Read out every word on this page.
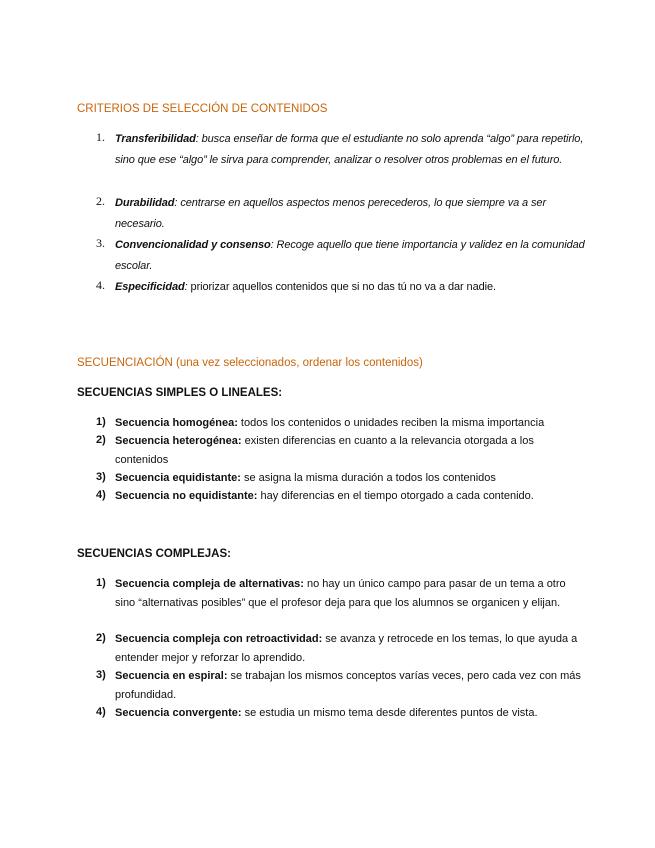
CRITERIOS DE SELECCIÓN DE CONTENIDOS
1. Transferibilidad: busca enseñar de forma que el estudiante no solo aprenda “algo” para repetirlo, sino que ese “algo” le sirva para comprender, analizar o resolver otros problemas en el futuro.
2. Durabilidad: centrarse en aquellos aspectos menos perecederos, lo que siempre va a ser necesario.
3. Convencionalidad y consenso: Recoge aquello que tiene importancia y validez en la comunidad escolar.
4. Especificidad: priorizar aquellos contenidos que si no das tú no va a dar nadie.
SECUENCIACIÓN (una vez seleccionados, ordenar los contenidos)
SECUENCIAS SIMPLES O LINEALES:
1) Secuencia homogénea: todos los contenidos o unidades reciben la misma importancia
2) Secuencia heterogénea: existen diferencias en cuanto a la relevancia otorgada a los contenidos
3) Secuencia equidistante: se asigna la misma duración a todos los contenidos
4) Secuencia no equidistante: hay diferencias en el tiempo otorgado a cada contenido.
SECUENCIAS COMPLEJAS:
1) Secuencia compleja de alternativas: no hay un único campo para pasar de un tema a otro sino “alternativas posibles” que el profesor deja para que los alumnos se organicen y elijan.
2) Secuencia compleja con retroactividad: se avanza y retrocede en los temas, lo que ayuda a entender mejor y reforzar lo aprendido.
3) Secuencia en espiral: se trabajan los mismos conceptos varías veces, pero cada vez con más profundidad.
4) Secuencia convergente: se estudia un mismo tema desde diferentes puntos de vista.
